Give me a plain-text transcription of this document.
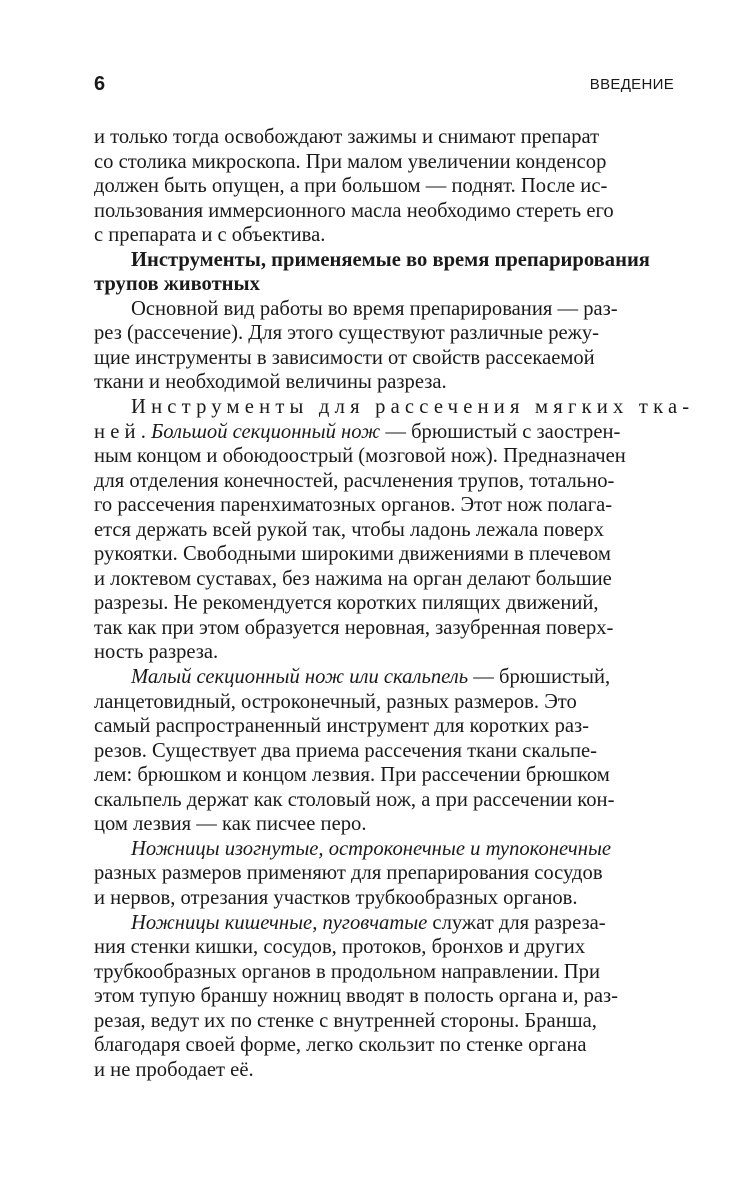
6	ВВЕДЕНИЕ

и только тогда освобождают зажимы и снимают препарат
со столика микроскопа. При малом увеличении конденсор
должен быть опущен, а при большом — поднят. После ис-
пользования иммерсионного масла необходимо стереть его
с препарата и с объектива.

Инструменты, применяемые во время препарирования
трупов животных

Основной вид работы во время препарирования — раз-
рез (рассечение). Для этого существуют различные режу-
щие инструменты в зависимости от свойств рассекаемой
ткани и необходимой величины разреза.

Инструменты для рассечения мягких тка-
ней. Большой секционный нож — брюшистый с заострен-
ным концом и обоюдоострый (мозговой нож). Предназначен
для отделения конечностей, расчленения трупов, тотально-
го рассечения паренхиматозных органов. Этот нож полага-
ется держать всей рукой так, чтобы ладонь лежала поверх
рукоятки. Свободными широкими движениями в плечевом
и локтевом суставах, без нажима на орган делают большие
разрезы. Не рекомендуется коротких пилящих движений,
так как при этом образуется неровная, зазубренная поверх-
ность разреза.

Малый секционный нож или скальпель — брюшистый,
ланцетовидный, остроконечный, разных размеров. Это
самый распространенный инструмент для коротких раз-
резов. Существует два приема рассечения ткани скальпе-
лем: брюшком и концом лезвия. При рассечении брюшком
скальпель держат как столовый нож, а при рассечении кон-
цом лезвия — как писчее перо.

Ножницы изогнутые, остроконечные и тупоконечные
разных размеров применяют для препарирования сосудов
и нервов, отрезания участков трубкообразных органов.

Ножницы кишечные, пуговчатые служат для разреза-
ния стенки кишки, сосудов, протоков, бронхов и других
трубкообразных органов в продольном направлении. При
этом тупую браншу ножниц вводят в полость органа и, раз-
резая, ведут их по стенке с внутренней стороны. Бранша,
благодаря своей форме, легко скользит по стенке органа
и не прободает её.
